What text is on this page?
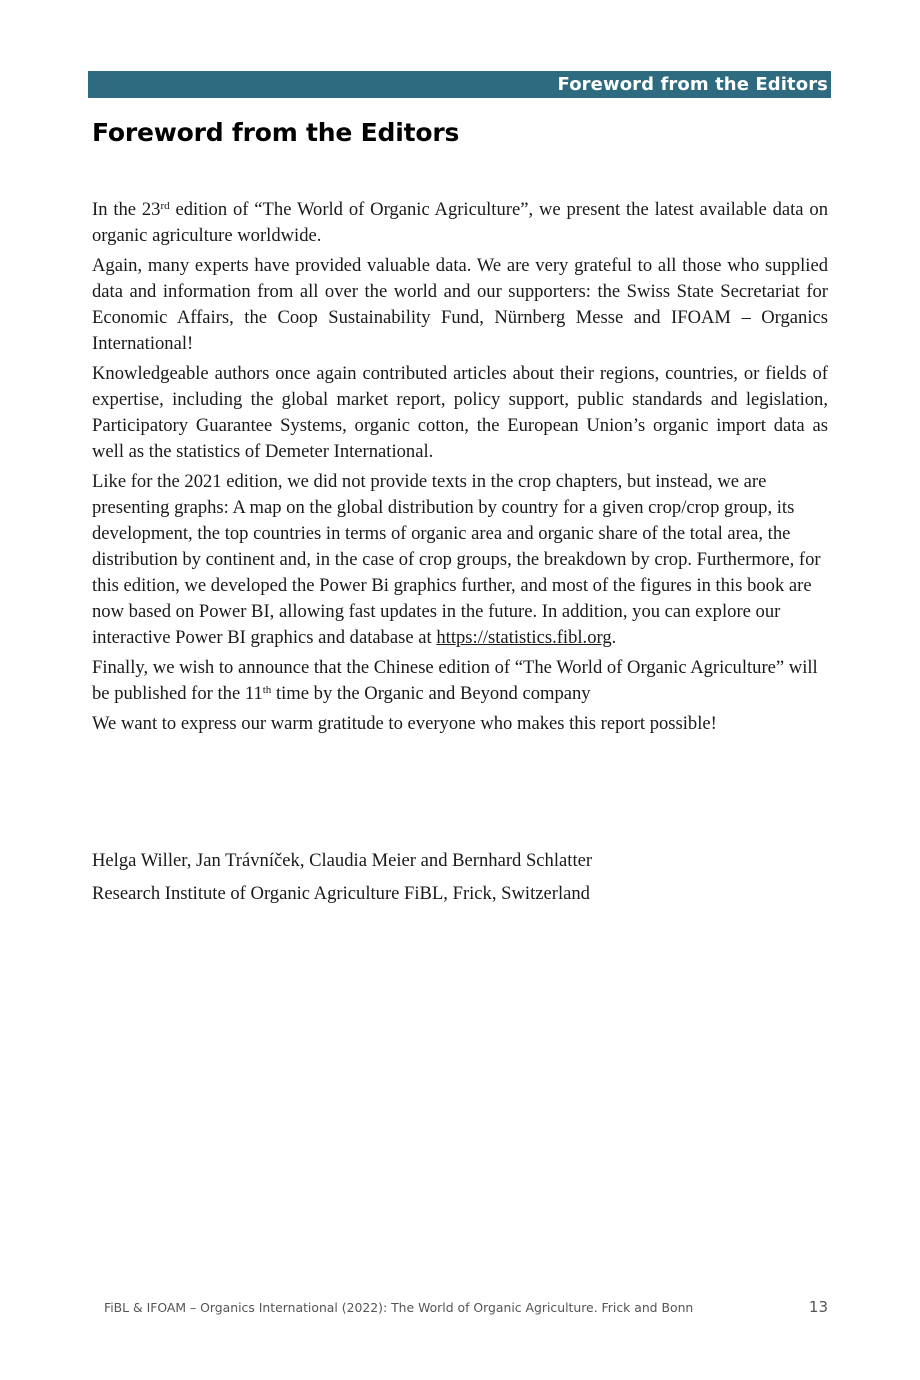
Foreword from the Editors
Foreword from the Editors

In the 23rd edition of “The World of Organic Agriculture”, we present the latest available data on organic agriculture worldwide.

Again, many experts have provided valuable data. We are very grateful to all those who supplied data and information from all over the world and our supporters: the Swiss State Secretariat for Economic Affairs, the Coop Sustainability Fund, Nürnberg Messe and IFOAM – Organics International!

Knowledgeable authors once again contributed articles about their regions, countries, or fields of expertise, including the global market report, policy support, public standards and legislation, Participatory Guarantee Systems, organic cotton, the European Union’s organic import data as well as the statistics of Demeter International.

Like for the 2021 edition, we did not provide texts in the crop chapters, but instead, we are presenting graphs: A map on the global distribution by country for a given crop/crop group, its development, the top countries in terms of organic area and organic share of the total area, the distribution by continent and, in the case of crop groups, the breakdown by crop. Furthermore, for this edition, we developed the Power Bi graphics further, and most of the figures in this book are now based on Power BI, allowing fast updates in the future. In addition, you can explore our interactive Power BI graphics and database at https://statistics.fibl.org.

Finally, we wish to announce that the Chinese edition of “The World of Organic Agriculture” will be published for the 11th time by the Organic and Beyond company

We want to express our warm gratitude to everyone who makes this report possible!

Helga Willer, Jan Trávníček, Claudia Meier and Bernhard Schlatter
Research Institute of Organic Agriculture FiBL, Frick, Switzerland
FiBL & IFOAM – Organics International (2022): The World of Organic Agriculture. Frick and Bonn	13
